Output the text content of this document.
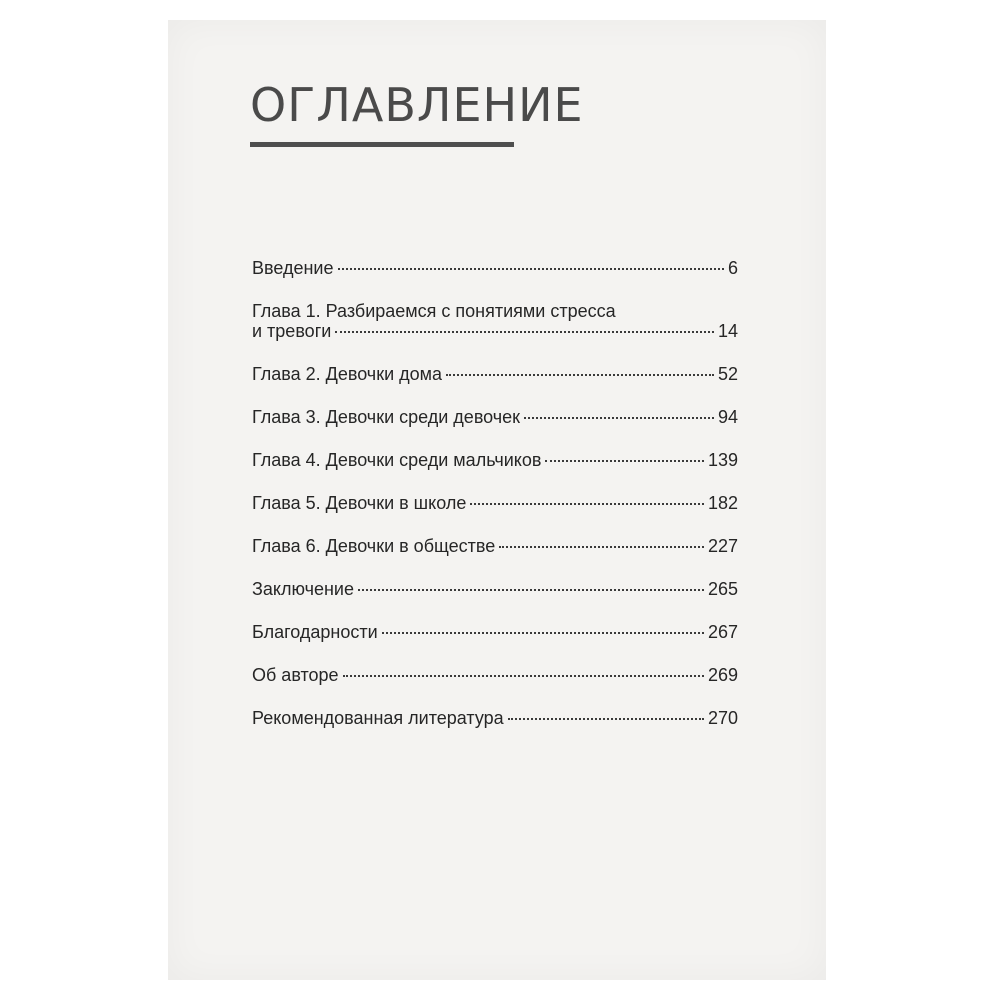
ОГЛАВЛЕНИЕ
Введение	6
Глава 1. Разбираемся с понятиями стресса
и тревоги	14
Глава 2. Девочки дома	52
Глава 3. Девочки среди девочек	94
Глава 4. Девочки среди мальчиков	139
Глава 5. Девочки в школе	182
Глава 6. Девочки в обществе	227
Заключение	265
Благодарности	267
Об авторе	269
Рекомендованная литература	270
